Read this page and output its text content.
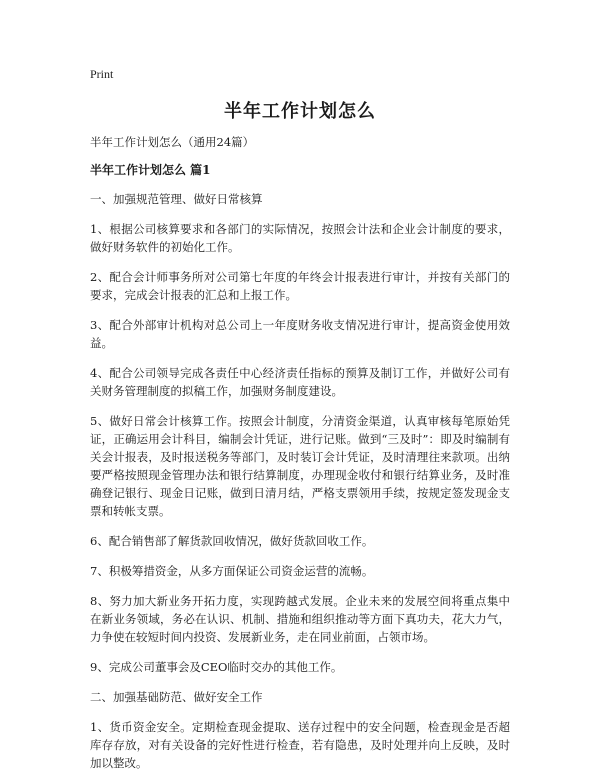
Print

半年工作计划怎么

半年工作计划怎么（通用24篇）

半年工作计划怎么 篇1

一、加强规范管理、做好日常核算

1、根据公司核算要求和各部门的实际情况，按照会计法和企业会计制度的要求，做好财务软件的初始化工作。

2、配合会计师事务所对公司第七年度的年终会计报表进行审计，并按有关部门的要求，完成会计报表的汇总和上报工作。

3、配合外部审计机构对总公司上一年度财务收支情况进行审计，提高资金使用效益。

4、配合公司领导完成各责任中心经济责任指标的预算及制订工作，并做好公司有关财务管理制度的拟稿工作，加强财务制度建设。

5、做好日常会计核算工作。按照会计制度，分清资金渠道，认真审核每笔原始凭证，正确运用会计科目，编制会计凭证，进行记账。做到“三及时”：即及时编制有关会计报表，及时报送税务等部门，及时装订会计凭证，及时清理往来款项。出纳要严格按照现金管理办法和银行结算制度，办理现金收付和银行结算业务，及时准确登记银行、现金日记账，做到日清月结，严格支票领用手续，按规定签发现金支票和转帐支票。

6、配合销售部了解货款回收情况，做好货款回收工作。

7、积极筹措资金，从多方面保证公司资金运营的流畅。

8、努力加大新业务开拓力度，实现跨越式发展。企业未来的发展空间将重点集中在新业务领域，务必在认识、机制、措施和组织推动等方面下真功夫，花大力气，力争使在较短时间内投资、发展新业务，走在同业前面，占领市场。

9、完成公司董事会及CEO临时交办的其他工作。

二、加强基础防范、做好安全工作

1、货币资金安全。定期检查现金提取、送存过程中的安全问题，检查现金是否超库存存放，对有关设备的完好性进行检查，若有隐患，及时处理并向上反映，及时加以整改。
